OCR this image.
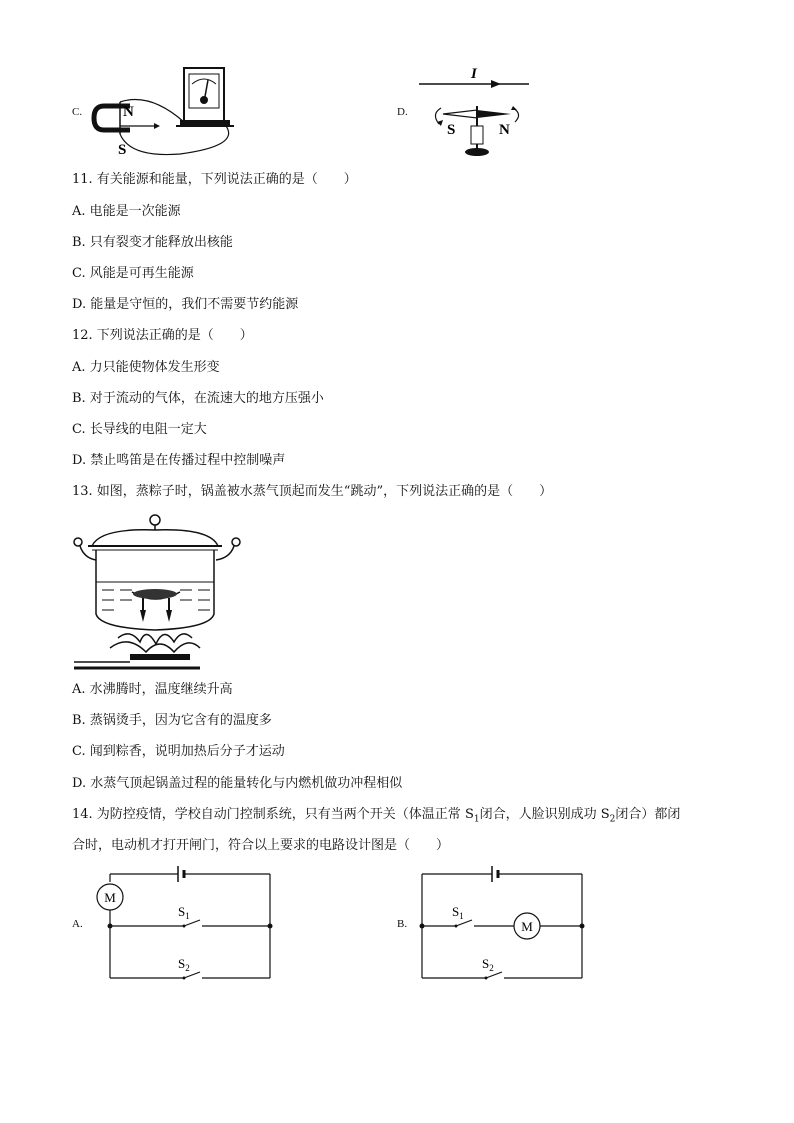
C.	N
S
D.
I
S	N
11. 有关能源和能量，下列说法正确的是（　　）
A. 电能是一次能源
B. 只有裂变才能释放出核能
C. 风能是可再生能源
D. 能量是守恒的，我们不需要节约能源
12. 下列说法正确的是（　　）
A. 力只能使物体发生形变
B. 对于流动的气体，在流速大的地方压强小
C. 长导线的电阻一定大
D. 禁止鸣笛是在传播过程中控制噪声
13. 如图，蒸粽子时，锅盖被水蒸气顶起而发生“跳动”，下列说法正确的是（　　）
A. 水沸腾时，温度继续升高
B. 蒸锅烫手，因为它含有的温度多
C. 闻到粽香，说明加热后分子才运动
D. 水蒸气顶起锅盖过程的能量转化与内燃机做功冲程相似
14. 为防控疫情，学校自动门控制系统，只有当两个开关（体温正常 $S_1$闭合，人脸识别成功 $S_2$闭合）都闭
合时，电动机才打开闸门，符合以上要求的电路设计图是（　　）
A.
M
$S_1$
$S_2$
B.	M
$S_1$
$S_2$
